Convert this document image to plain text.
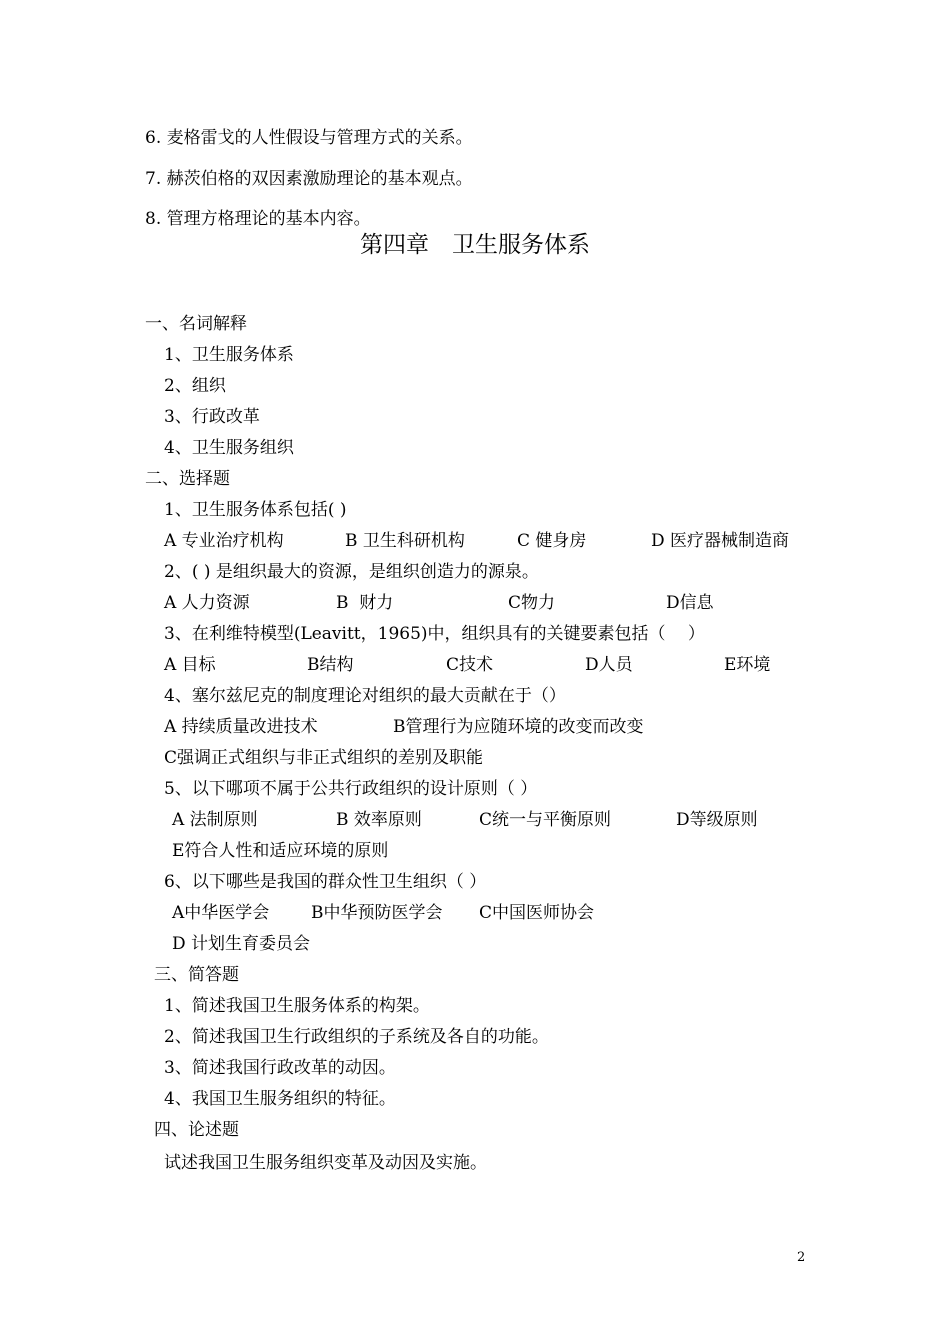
6. 麦格雷戈的人性假设与管理方式的关系。
7. 赫茨伯格的双因素激励理论的基本观点。
8. 管理方格理论的基本内容。
第四章　卫生服务体系
一、名词解释
1、卫生服务体系
2、组织
3、行政改革
4、卫生服务组织
二、选择题
1、卫生服务体系包括( )
A 专业治疗机构	B 卫生科研机构	C 健身房	D 医疗器械制造商
2、( ) 是组织最大的资源，是组织创造力的源泉。
A 人力资源	B  财力	C物力	D信息
3、在利维特模型(Leavitt，1965)中，组织具有的关键要素包括（　 ）
A 目标	B结构	C技术	D人员	E环境
4、塞尔兹尼克的制度理论对组织的最大贡献在于（）
A 持续质量改进技术	B管理行为应随环境的改变而改变
C强调正式组织与非正式组织的差别及职能
5、以下哪项不属于公共行政组织的设计原则（ ）
A 法制原则	B 效率原则	C统一与平衡原则	D等级原则
E符合人性和适应环境的原则
6、以下哪些是我国的群众性卫生组织（ ）
A中华医学会 B中华预防医学会 C中国医师协会
D 计划生育委员会
三、简答题
1、简述我国卫生服务体系的构架。
2、简述我国卫生行政组织的子系统及各自的功能。
3、简述我国行政改革的动因。
4、我国卫生服务组织的特征。
四、论述题
试述我国卫生服务组织变革及动因及实施。
2
